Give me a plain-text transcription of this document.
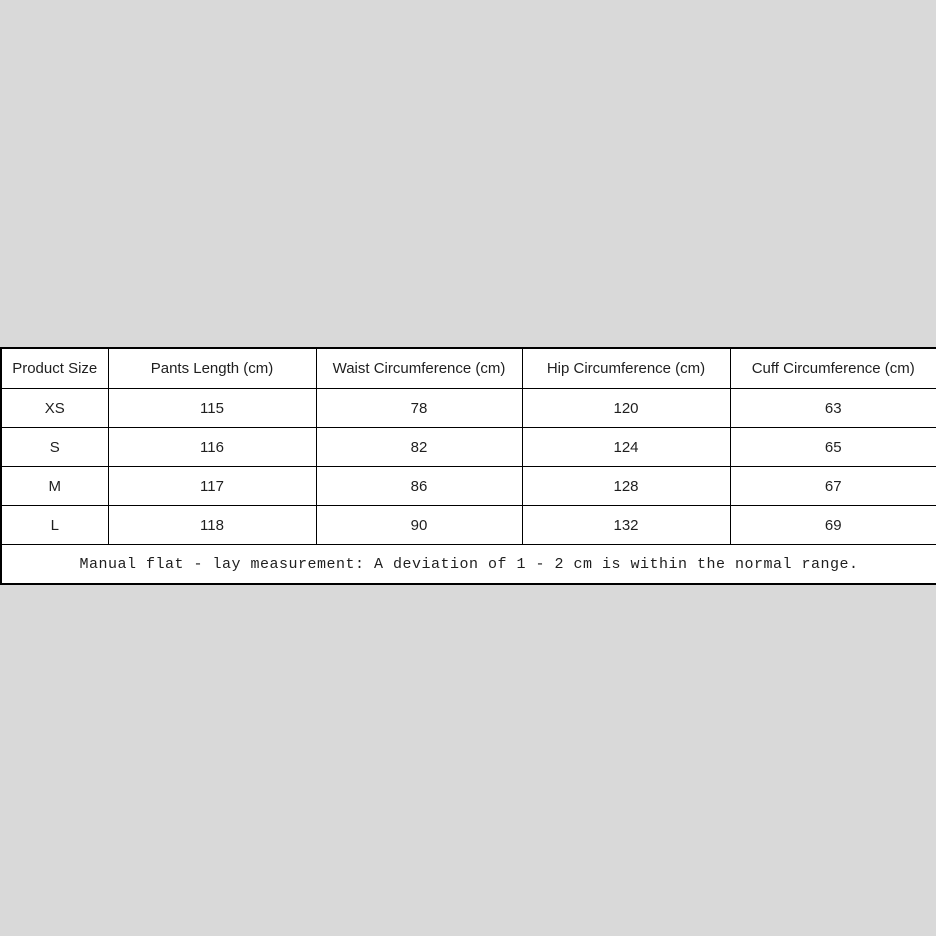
Product Size	Pants Length (cm)	Waist Circumference (cm)	Hip Circumference (cm)	Cuff Circumference (cm)
XS	115	78	120	63
S	116	82	124	65
M	117	86	128	67
L	118	90	132	69
Manual flat - lay measurement: A deviation of 1 - 2 cm is within the normal range.				
